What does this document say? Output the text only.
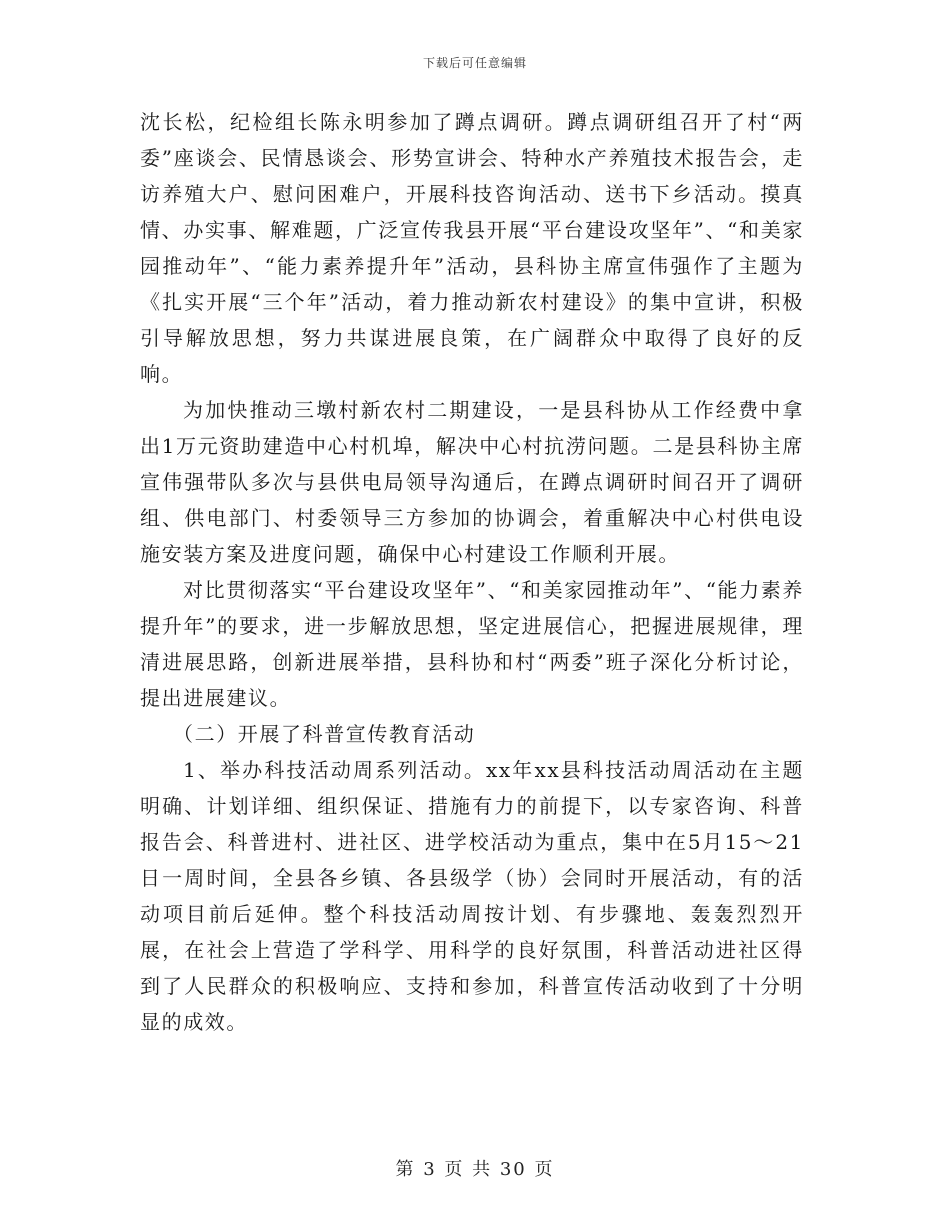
下载后可任意编辑

沈长松，纪检组长陈永明参加了蹲点调研。蹲点调研组召开了村“两委”座谈会、民情恳谈会、形势宣讲会、特种水产养殖技术报告会，走访养殖大户、慰问困难户，开展科技咨询活动、送书下乡活动。摸真情、办实事、解难题，广泛宣传我县开展“平台建设攻坚年”、“和美家园推动年”、“能力素养提升年”活动，县科协主席宣伟强作了主题为《扎实开展“三个年”活动，着力推动新农村建设》的集中宣讲，积极引导解放思想，努力共谋进展良策，在广阔群众中取得了良好的反响。

为加快推动三墩村新农村二期建设，一是县科协从工作经费中拿出1万元资助建造中心村机埠，解决中心村抗涝问题。二是县科协主席宣伟强带队多次与县供电局领导沟通后，在蹲点调研时间召开了调研组、供电部门、村委领导三方参加的协调会，着重解决中心村供电设施安装方案及进度问题，确保中心村建设工作顺利开展。

对比贯彻落实“平台建设攻坚年”、“和美家园推动年”、“能力素养提升年”的要求，进一步解放思想，坚定进展信心，把握进展规律，理清进展思路，创新进展举措，县科协和村“两委”班子深化分析讨论，提出进展建议。

（二）开展了科普宣传教育活动

1、举办科技活动周系列活动。xx年xx县科技活动周活动在主题明确、计划详细、组织保证、措施有力的前提下，以专家咨询、科普报告会、科普进村、进社区、进学校活动为重点，集中在5月15～21日一周时间，全县各乡镇、各县级学（协）会同时开展活动，有的活动项目前后延伸。整个科技活动周按计划、有步骤地、轰轰烈烈开展，在社会上营造了学科学、用科学的良好氛围，科普活动进社区得到了人民群众的积极响应、支持和参加，科普宣传活动收到了十分明显的成效。

第 3 页 共 30 页
